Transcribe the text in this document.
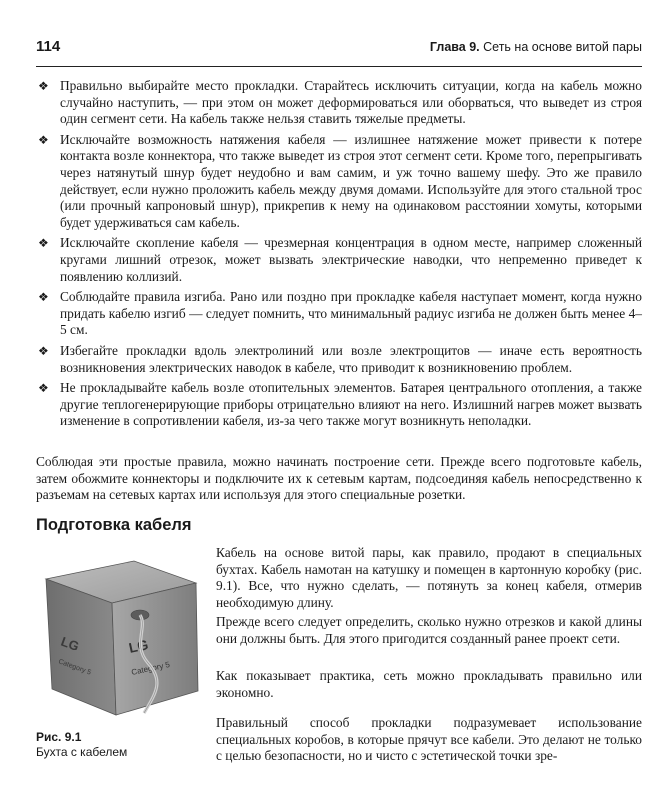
114	Глава 9. Сеть на основе витой пары
❖ Правильно выбирайте место прокладки. Старайтесь исключить ситуации, когда на кабель можно случайно наступить, — при этом он может деформироваться или оборваться, что выведет из строя один сегмент сети. На кабель также нельзя ставить тяжелые предметы.
❖ Исключайте возможность натяжения кабеля — излишнее натяжение может привести к потере контакта возле коннектора, что также выведет из строя этот сегмент сети. Кроме того, перепрыгивать через натянутый шнур будет неудобно и вам самим, и уж точно вашему шефу. Это же правило действует, если нужно проложить кабель между двумя домами. Используйте для этого стальной трос (или прочный капроновый шнур), прикрепив к нему на одинаковом расстоянии хомуты, которыми будет удерживаться сам кабель.
❖ Исключайте скопление кабеля — чрезмерная концентрация в одном месте, например сложенный кругами лишний отрезок, может вызвать электрические наводки, что непременно приведет к появлению коллизий.
❖ Соблюдайте правила изгиба. Рано или поздно при прокладке кабеля наступает момент, когда нужно придать кабелю изгиб — следует помнить, что минимальный радиус изгиба не должен быть менее 4–5 см.
❖ Избегайте прокладки вдоль электролиний или возле электрощитов — иначе есть вероятность возникновения электрических наводок в кабеле, что приводит к возникновению проблем.
❖ Не прокладывайте кабель возле отопительных элементов. Батарея центрального отопления, а также другие теплогенерирующие приборы отрицательно влияют на него. Излишний нагрев может вызвать изменение в сопротивлении кабеля, из-за чего также могут возникнуть неполадки.

Соблюдая эти простые правила, можно начинать построение сети. Прежде всего подготовьте кабель, затем обожмите коннекторы и подключите их к сетевым картам, подсоединяя кабель непосредственно к разъемам на сетевых картах или используя для этого специальные розетки.

Подготовка кабеля
LG
Category 5
LG
Category 5
Рис. 9.1
Бухта с кабелем

Кабель на основе витой пары, как правило, продают в специальных бухтах. Кабель намотан на катушку и помещен в картонную коробку (рис. 9.1). Все, что нужно сделать, — потянуть за конец кабеля, отмерив необходимую длину.

Прежде всего следует определить, сколько нужно отрезков и какой длины они должны быть. Для этого пригодится созданный ранее проект сети.

Как показывает практика, сеть можно прокладывать правильно или экономно.

Правильный способ прокладки подразумевает использование специальных коробов, в которые прячут все кабели. Это делают не только с целью безопасности, но и чисто с эстетической точки зре-
